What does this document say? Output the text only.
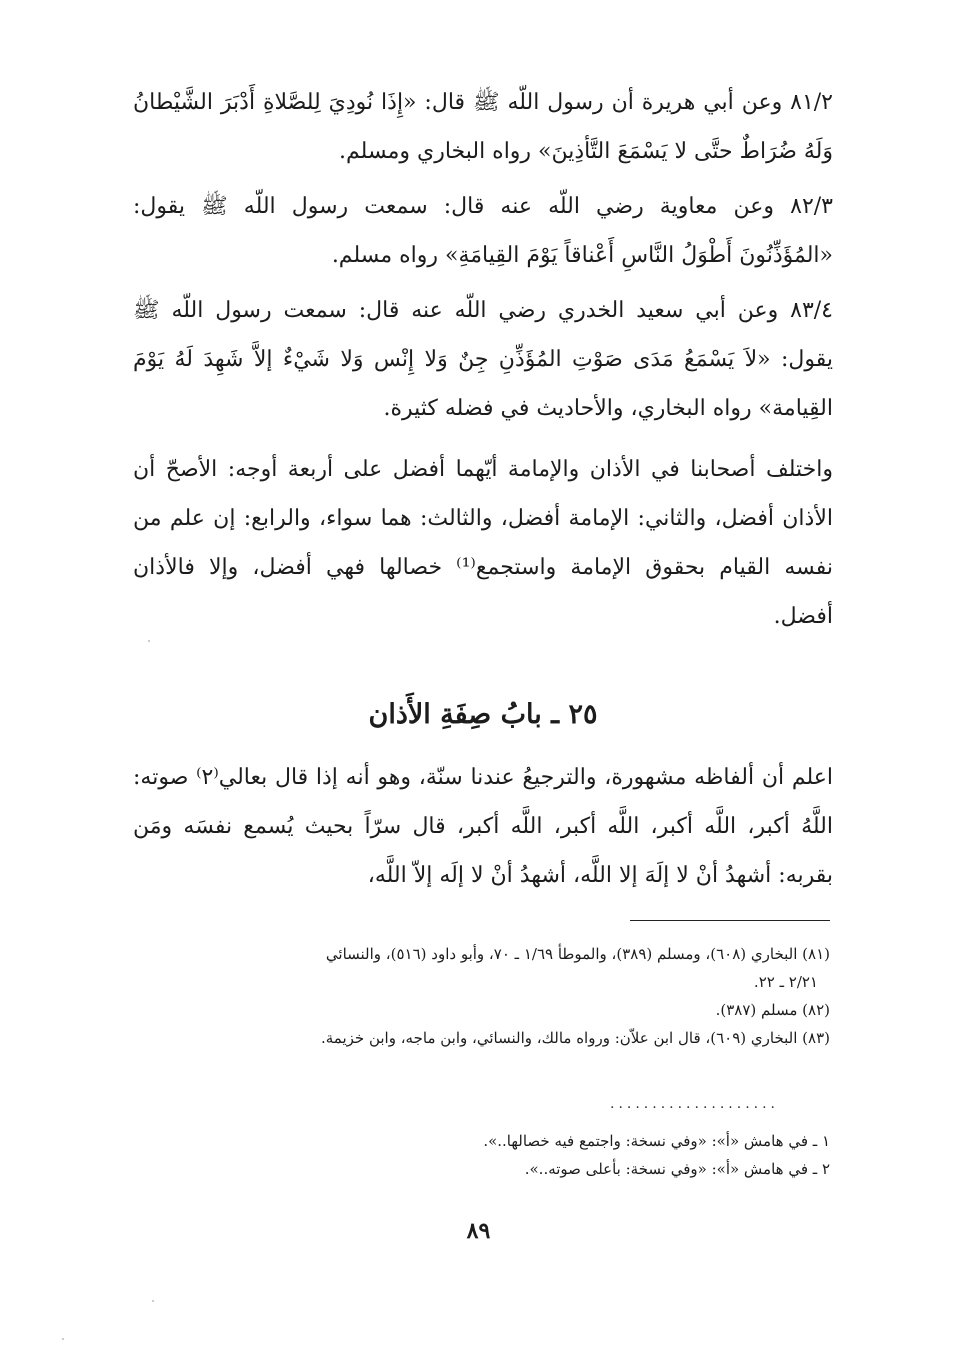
٨١/٢ وعن أبي هريرة أن رسول اللّه ﷺ قال: «إِذَا نُودِيَ لِلصَّلاةِ أَدْبَرَ الشَّيْطانُ وَلَهُ ضُرَاطٌ حتَّى لا يَسْمَعَ التَّأذِينَ» رواه البخاري ومسلم.

٨٢/٣ وعن معاوية رضي اللّه عنه قال: سمعت رسول اللّه ﷺ يقول: «المُؤَذِّنُونَ أَطْوَلُ النَّاسِ أَعْناقاً يَوْمَ القِيامَةِ» رواه مسلم.

٨٣/٤ وعن أبي سعيد الخدري رضي اللّه عنه قال: سمعت رسول اللّه ﷺ يقول: «لاَ يَسْمَعُ مَدَى صَوْتِ المُؤَذِّنِ جِنٌ وَلا إِنْس وَلا شَيْءٌ إلاَّ شَهِدَ لَهُ يَوْمَ القِيامة» رواه البخاري، والأحاديث في فضله كثيرة.

واختلف أصحابنا في الأذان والإمامة أيّهما أفضل على أربعة أوجه: الأصحّ أن الأذان أفضل، والثاني: الإمامة أفضل، والثالث: هما سواء، والرابع: إن علم من نفسه القيام بحقوق الإمامة واستجمع⁽¹⁾ خصالها فهي أفضل، وإلا فالأذان أفضل.

٢٥ ـ بابُ صِفَةِ الأَذان

اعلم أن ألفاظه مشهورة، والترجيعُ عندنا سنّة، وهو أنه إذا قال بعالي⁽٢⁾ صوته: اللَّهُ أكبر، اللَّه أكبر، اللَّه أكبر، اللَّه أكبر، قال سرّاً بحيث يُسمع نفسَه ومَن بقربه: أشهدُ أنْ لا إلَهَ إلا اللَّه، أشهدُ أنْ لا إلَه إلاّ اللَّه،

(٨١) البخاري (٦٠٨)، ومسلم (٣٨٩)، والموطأ ١/٦٩ ـ ٧٠، وأبو داود (٥١٦)، والنسائي

٢/٢١ ـ ٢٢.

(٨٢) مسلم (٣٨٧).

(٨٣) البخاري (٦٠٩)، قال ابن علاّن: ورواه مالك، والنسائي، وابن ماجه، وابن خزيمة.

....................

١ ـ في هامش «أ»: «وفي نسخة: واجتمع فيه خصالها..».

٢ ـ في هامش «أ»: «وفي نسخة: بأعلى صوته..».

٨٩
